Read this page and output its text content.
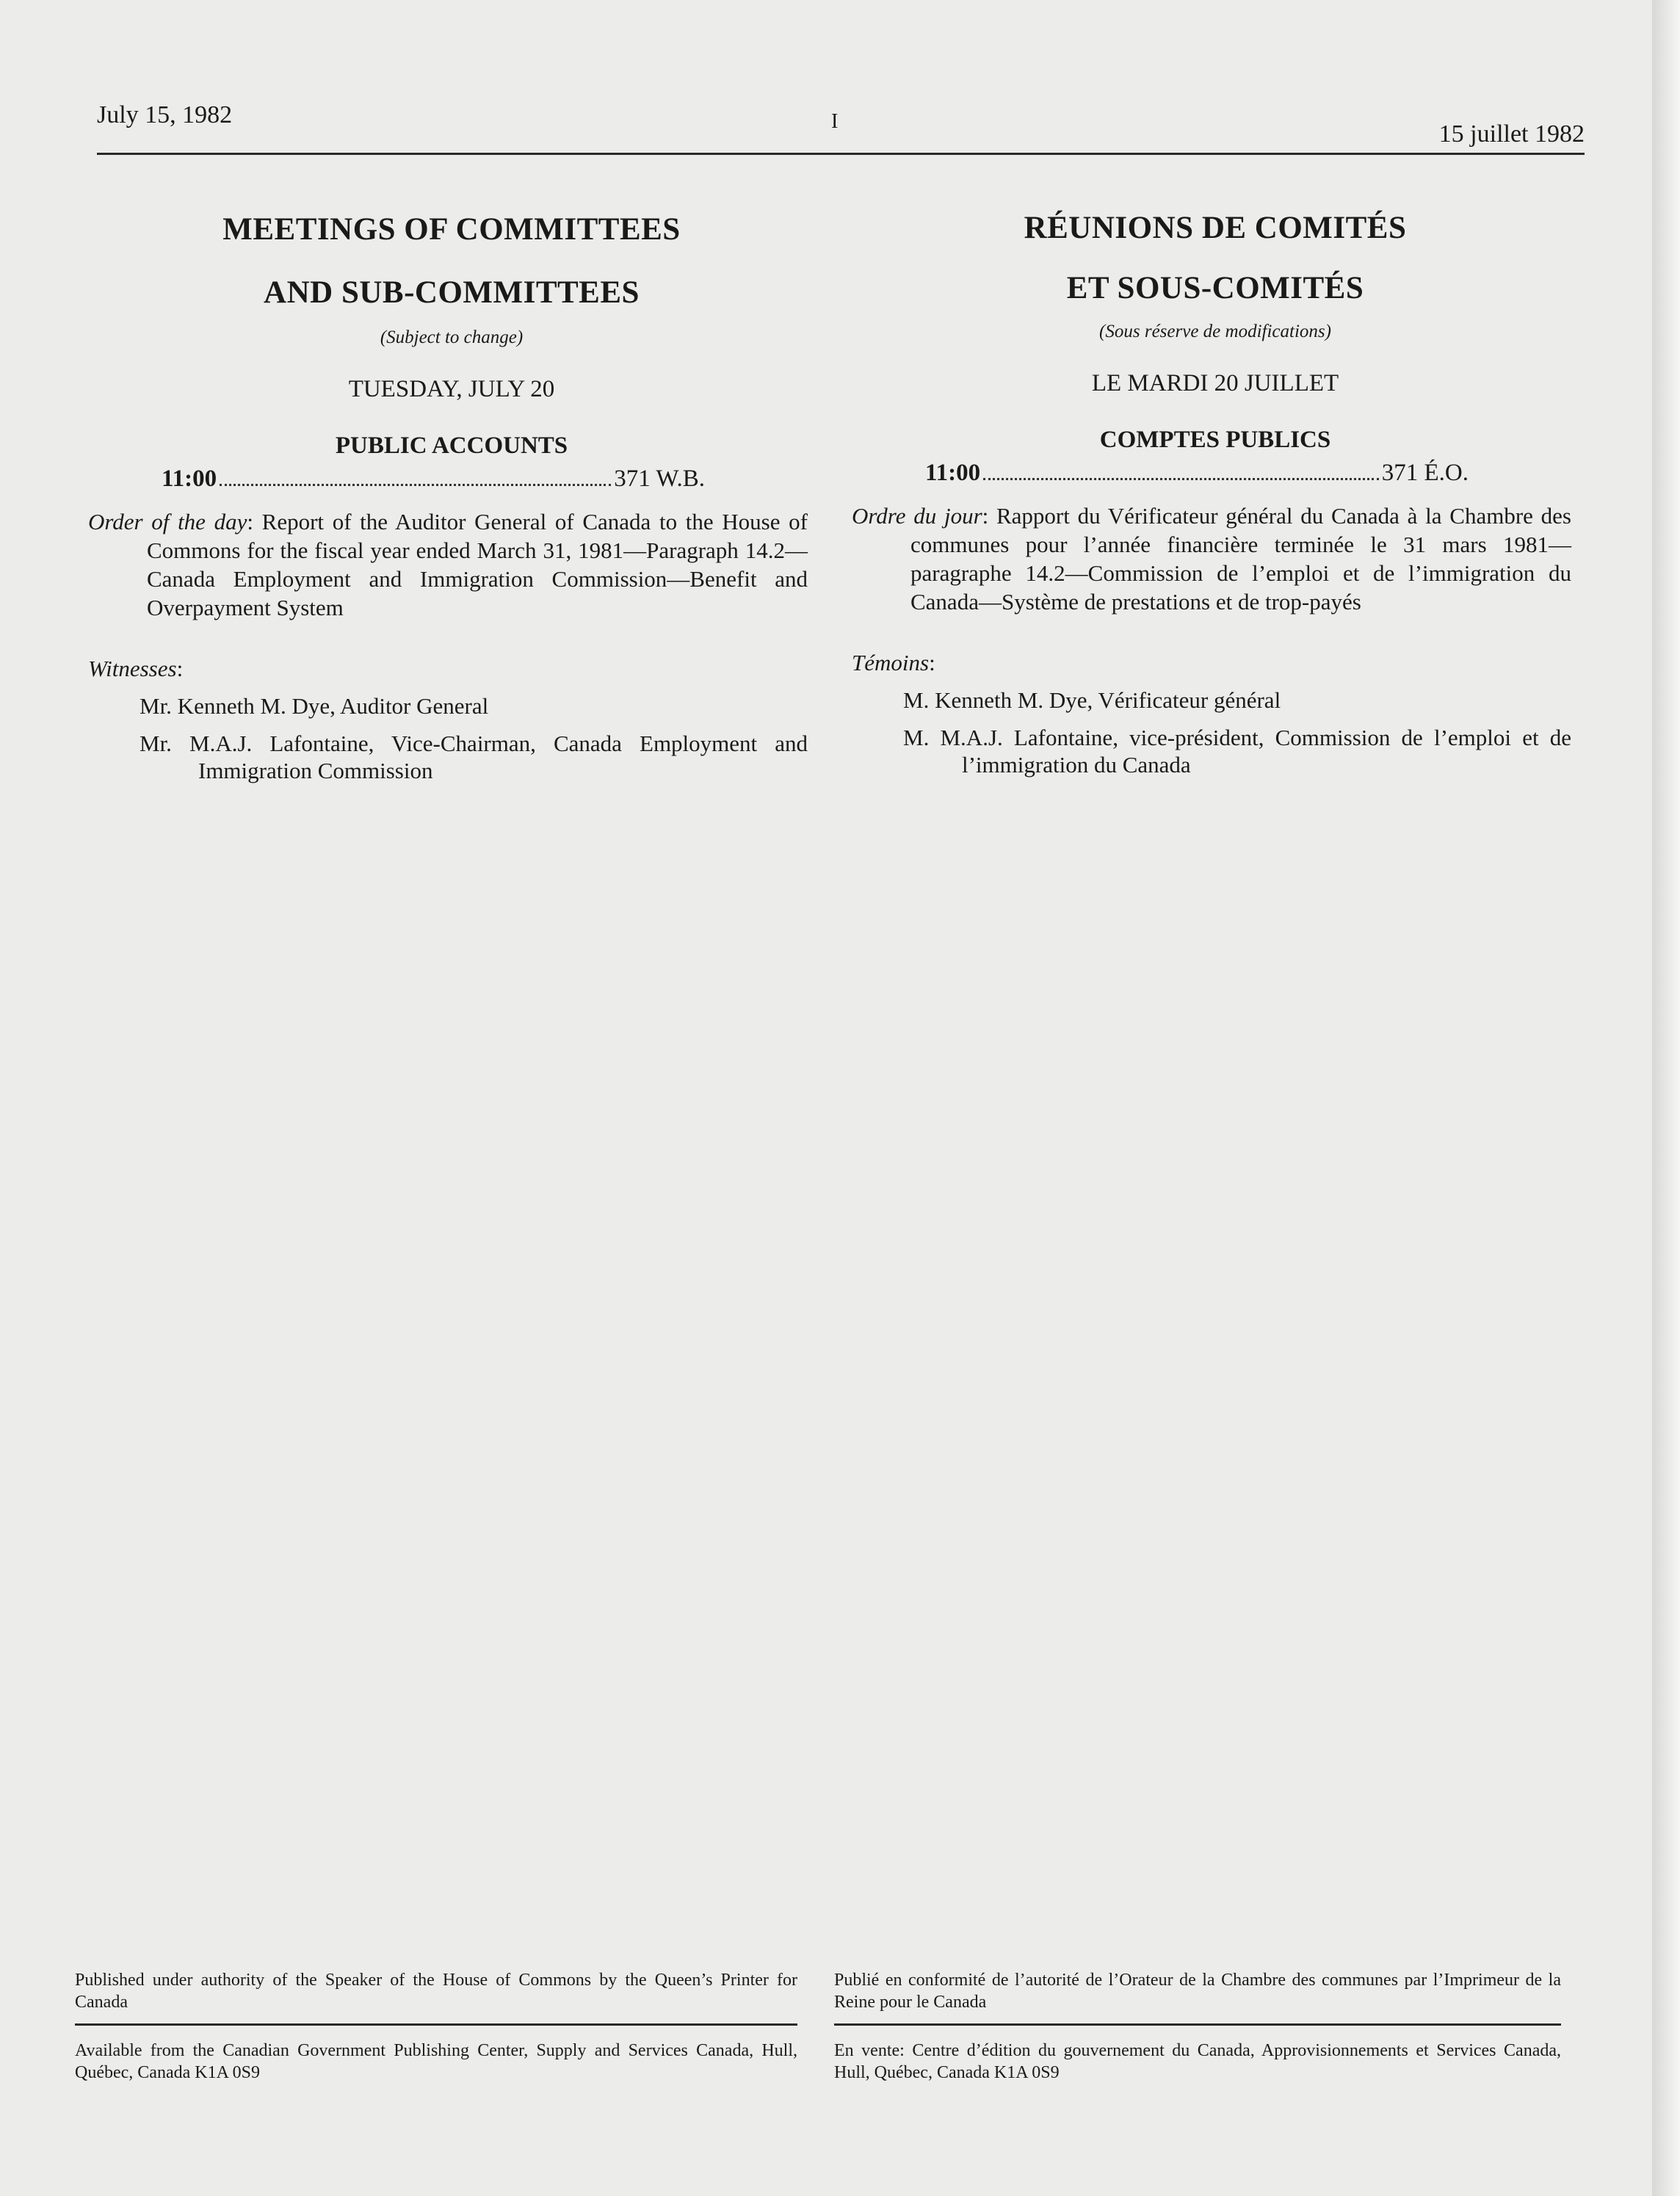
July 15, 1982	I	15 juillet 1982
MEETINGS OF COMMITTEES
AND SUB-COMMITTEES
(Subject to change)
TUESDAY, JULY 20
PUBLIC ACCOUNTS
11:00	371 W.B.
Order of the day: Report of the Auditor General of Canada to the House of Commons for the fiscal year ended March 31, 1981—Paragraph 14.2—Canada Employment and Immigration Commission—Benefit and Overpayment System
Witnesses:
Mr. Kenneth M. Dye, Auditor General
Mr. M.A.J. Lafontaine, Vice-Chairman, Canada Employment and Immigration Commission
RÉUNIONS DE COMITÉS
ET SOUS-COMITÉS
(Sous réserve de modifications)
LE MARDI 20 JUILLET
COMPTES PUBLICS
11:00	371 É.O.
Ordre du jour: Rapport du Vérificateur général du Canada à la Chambre des communes pour l’année financière terminée le 31 mars 1981—paragraphe 14.2—Commission de l’emploi et de l’immigration du Canada—Système de prestations et de trop-payés
Témoins:
M. Kenneth M. Dye, Vérificateur général
M. M.A.J. Lafontaine, vice-président, Commission de l’emploi et de l’immigration du Canada
Published under authority of the Speaker of the House of Commons by the Queen’s Printer for Canada
Publié en conformité de l’autorité de l’Orateur de la Chambre des communes par l’Imprimeur de la Reine pour le Canada
Available from the Canadian Government Publishing Center, Supply and Services Canada, Hull, Québec, Canada K1A 0S9
En vente: Centre d’édition du gouvernement du Canada, Approvisionnements et Services Canada, Hull, Québec, Canada K1A 0S9
